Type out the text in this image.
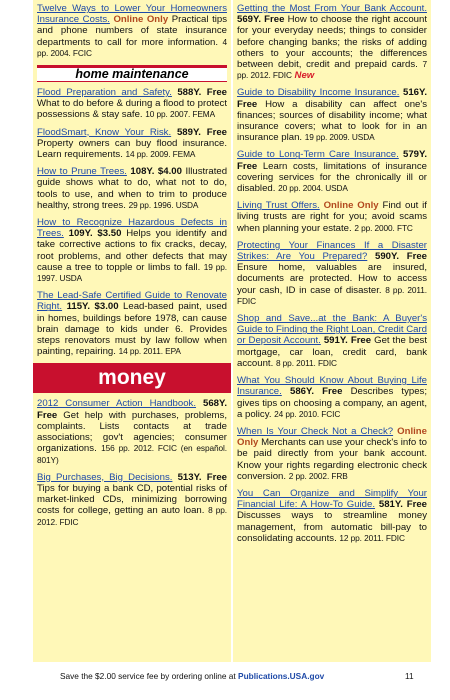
Twelve Ways to Lower Your Homeowners Insurance Costs. Online Only Practical tips and phone numbers of state insurance departments to call for more information. 4 pp. 2004. FCIC

home maintenance

Flood Preparation and Safety. 588Y. Free What to do before & during a flood to protect possessions & stay safe. 10 pp. 2007. FEMA

FloodSmart, Know Your Risk. 589Y. Free Property owners can buy flood insurance. Learn requirements. 14 pp. 2009. FEMA

How to Prune Trees. 108Y. $4.00 Illustrated guide shows what to do, what not to do, tools to use, and when to trim to produce healthy, strong trees. 29 pp. 1996. USDA

How to Recognize Hazardous Defects in Trees. 109Y. $3.50 Helps you identify and take corrective actions to fix cracks, decay, root problems, and other defects that may cause a tree to topple or limbs to fall. 19 pp. 1997. USDA

The Lead-Safe Certified Guide to Renovate Right. 115Y. $3.00 Lead-based paint, used in homes, buildings before 1978, can cause brain damage to kids under 6. Provides steps renovators must by law follow when painting, repairing. 14 pp. 2011. EPA

money

2012 Consumer Action Handbook. 568Y. Free Get help with purchases, problems, complaints. Lists contacts at trade associations; gov't agencies; consumer organizations. 156 pp. 2012. FCIC (en español. 801Y)

Big Purchases, Big Decisions. 513Y. Free Tips for buying a bank CD, potential risks of market-linked CDs, minimizing borrowing costs for college, getting an auto loan. 8 pp. 2012. FDIC

Getting the Most From Your Bank Account. 569Y. Free How to choose the right account for your everyday needs; things to consider before changing banks; the risks of adding others to your accounts; the differences between debit, credit and prepaid cards. 7 pp. 2012. FDIC New

Guide to Disability Income Insurance. 516Y. Free How a disability can affect one's finances; sources of disability income; what insurance covers; what to look for in an insurance plan. 19 pp. 2009. USDA

Guide to Long-Term Care Insurance. 579Y. Free Learn costs, limitations of insurance covering services for the chronically ill or disabled. 20 pp. 2004. USDA

Living Trust Offers. Online Only Find out if living trusts are right for you; avoid scams when planning your estate. 2 pp. 2000. FTC

Protecting Your Finances If a Disaster Strikes: Are You Prepared? 590Y. Free Ensure home, valuables are insured, documents are protected. How to access your cash, ID in case of disaster. 8 pp. 2011. FDIC

Shop and Save...at the Bank: A Buyer's Guide to Finding the Right Loan, Credit Card or Deposit Account. 591Y. Free Get the best mortgage, car loan, credit card, bank account. 8 pp. 2011. FDIC

What You Should Know About Buying Life Insurance. 586Y. Free Describes types; gives tips on choosing a company, an agent, a policy. 24 pp. 2010. FCIC

When Is Your Check Not a Check? Online Only Merchants can use your check's info to be paid directly from your bank account. Know your rights regarding electronic check conversion. 2 pp. 2002. FRB

You Can Organize and Simplify Your Financial Life: A How-To Guide. 581Y. Free Discusses ways to streamline money management, from automatic bill-pay to consolidating accounts. 12 pp. 2011. FDIC

Save the $2.00 service fee by ordering online at Publications.USA.gov	11
